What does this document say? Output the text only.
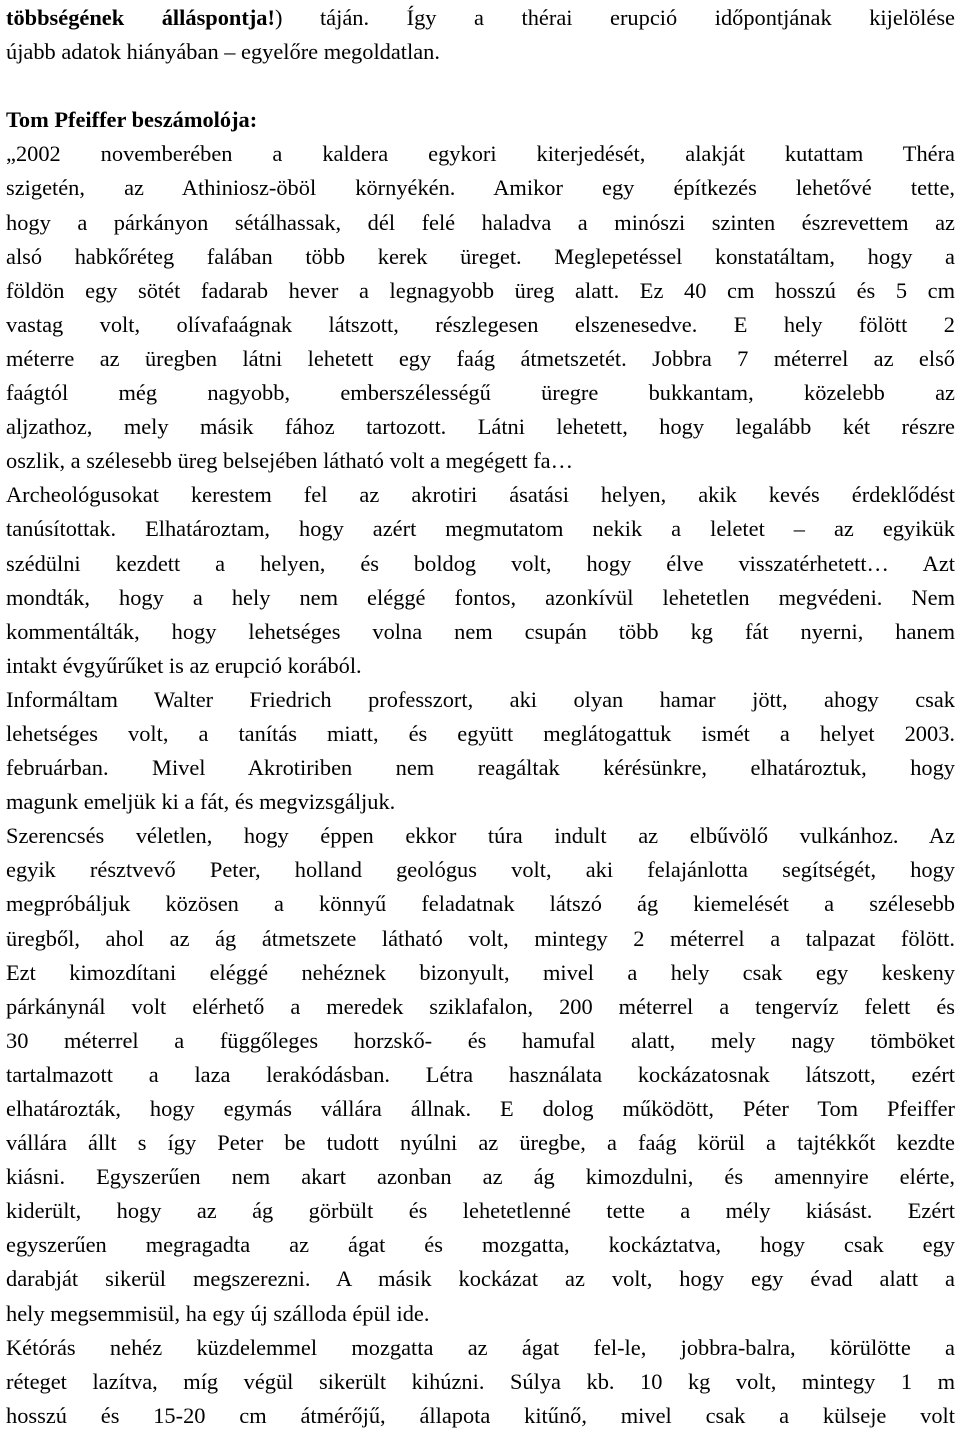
többségének álláspontja!) táján. Így a thérai erupció időpontjának kijelölése
újabb adatok hiányában – egyelőre megoldatlan.
Tom Pfeiffer beszámolója:
„2002 novemberében a kaldera egykori kiterjedését, alakját kutattam Théra
szigetén, az Athiniosz-öböl környékén. Amikor egy építkezés lehetővé tette,
hogy a párkányon sétálhassak, dél felé haladva a minószi szinten észrevettem az
alsó habkőréteg falában több kerek üreget. Meglepetéssel konstatáltam, hogy a
földön egy sötét fadarab hever a legnagyobb üreg alatt. Ez 40 cm hosszú és 5 cm
vastag volt, olívafaágnak látszott, részlegesen elszenesedve. E hely fölött 2
méterre az üregben látni lehetett egy faág átmetszetét. Jobbra 7 méterrel az első
faágtól még nagyobb, emberszélességű üregre bukkantam, közelebb az
aljzathoz, mely másik fához tartozott. Látni lehetett, hogy legalább két részre
oszlik, a szélesebb üreg belsejében látható volt a megégett fa…
Archeológusokat kerestem fel az akrotiri ásatási helyen, akik kevés érdeklődést
tanúsítottak. Elhatároztam, hogy azért megmutatom nekik a leletet – az egyikük
szédülni kezdett a helyen, és boldog volt, hogy élve visszatérhetett… Azt
mondták, hogy a hely nem eléggé fontos, azonkívül lehetetlen megvédeni. Nem
kommentálták, hogy lehetséges volna nem csupán több kg fát nyerni, hanem
intakt évgyűrűket is az erupció korából.
Informáltam Walter Friedrich professzort, aki olyan hamar jött, ahogy csak
lehetséges volt, a tanítás miatt, és együtt meglátogattuk ismét a helyet 2003.
februárban. Mivel Akrotiriben nem reagáltak kérésünkre, elhatároztuk, hogy
magunk emeljük ki a fát, és megvizsgáljuk.
Szerencsés véletlen, hogy éppen ekkor túra indult az elbűvölő vulkánhoz. Az
egyik résztvevő Peter, holland geológus volt, aki felajánlotta segítségét, hogy
megpróbáljuk közösen a könnyű feladatnak látszó ág kiemelését a szélesebb
üregből, ahol az ág átmetszete látható volt, mintegy 2 méterrel a talpazat fölött.
Ezt kimozdítani eléggé nehéznek bizonyult, mivel a hely csak egy keskeny
párkánynál volt elérhető a meredek sziklafalon, 200 méterrel a tengervíz felett és
30 méterrel a függőleges horzskő- és hamufal alatt, mely nagy tömböket
tartalmazott a laza lerakódásban. Létra használata kockázatosnak látszott, ezért
elhatározták, hogy egymás vállára állnak. E dolog működött, Péter Tom Pfeiffer
vállára állt s így Peter be tudott nyúlni az üregbe, a faág körül a tajtékkőt kezdte
kiásni. Egyszerűen nem akart azonban az ág kimozdulni, és amennyire elérte,
kiderült, hogy az ág görbült és lehetetlenné tette a mély kiásást. Ezért
egyszerűen megragadta az ágat és mozgatta, kockáztatva, hogy csak egy
darabját sikerül megszerezni. A másik kockázat az volt, hogy egy évad alatt a
hely megsemmisül, ha egy új szálloda épül ide.
Kétórás nehéz küzdelemmel mozgatta az ágat fel-le, jobbra-balra, körülötte a
réteget lazítva, míg végül sikerült kihúzni. Súlya kb. 10 kg volt, mintegy 1 m
hosszú és 15-20 cm átmérőjű, állapota kitűnő, mivel csak a külseje volt
